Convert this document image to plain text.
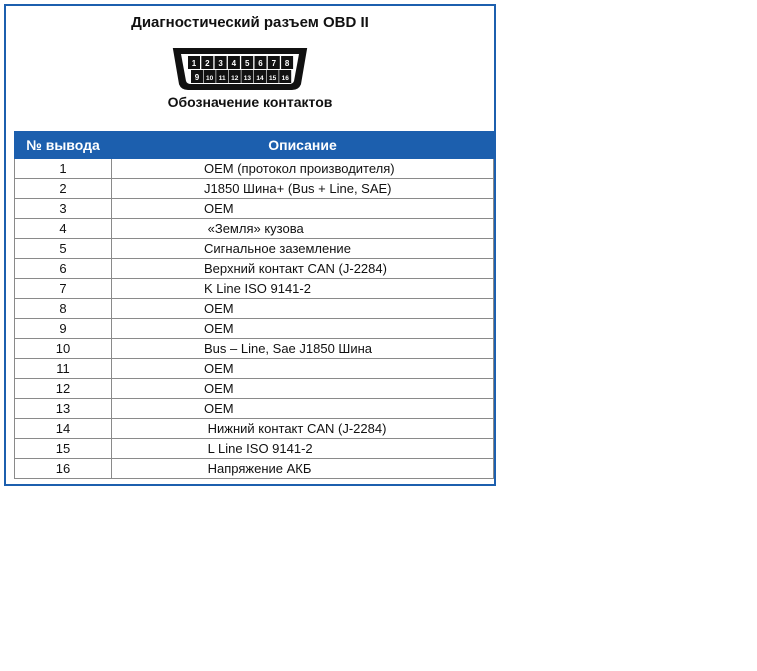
Диагностический разъем OBD II
1 2 3 4 5 6 7 8
9 10 11 12 13 14 15 16
Обозначение контактов
№ вывода	Описание
1	OEM (протокол производителя)
2	J1850 Шина+ (Bus + Line, SAE)
3	OEM
4	«Земля» кузова
5	Сигнальное заземление
6	Верхний контакт CAN (J-2284)
7	K Line ISO 9141-2
8	OEM
9	OEM
10	Bus – Line, Sae J1850 Шина
11	OEM
12	OEM
13	OEM
14	Нижний контакт CAN (J-2284)
15	L Line ISO 9141-2
16	Напряжение АКБ
